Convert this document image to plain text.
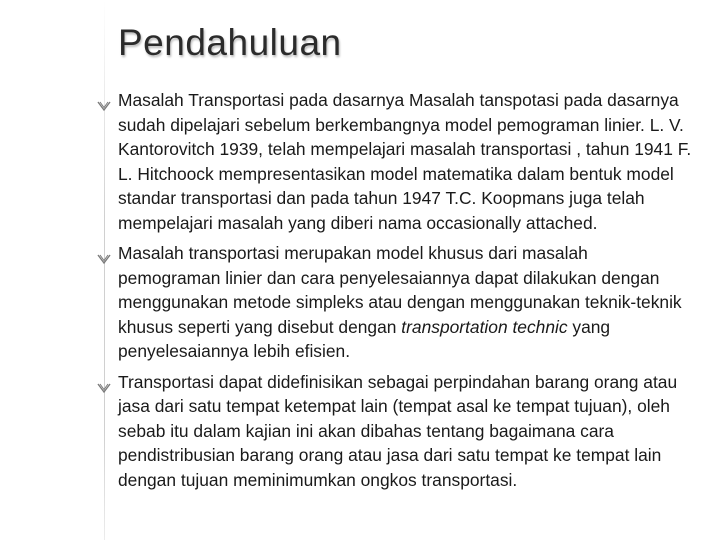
Pendahuluan
Masalah Transportasi pada dasarnya Masalah tanspotasi pada dasarnya sudah dipelajari sebelum berkembangnya model pemograman linier. L. V. Kantorovitch 1939, telah mempelajari masalah transportasi , tahun 1941 F. L. Hitchoock mempresentasikan model matematika dalam bentuk model standar transportasi dan pada tahun 1947 T.C. Koopmans juga telah mempelajari masalah yang diberi nama occasionally attached.
Masalah transportasi merupakan model khusus dari masalah pemograman linier dan cara penyelesaiannya dapat dilakukan dengan menggunakan metode simpleks atau dengan menggunakan teknik-teknik khusus seperti yang disebut dengan transportation technic yang penyelesaiannya lebih efisien.
Transportasi dapat didefinisikan sebagai perpindahan barang orang atau jasa dari satu tempat ketempat lain (tempat asal ke tempat tujuan), oleh sebab itu dalam kajian ini akan dibahas tentang bagaimana cara pendistribusian barang orang atau jasa dari satu tempat ke tempat lain dengan tujuan meminimumkan ongkos transportasi.
